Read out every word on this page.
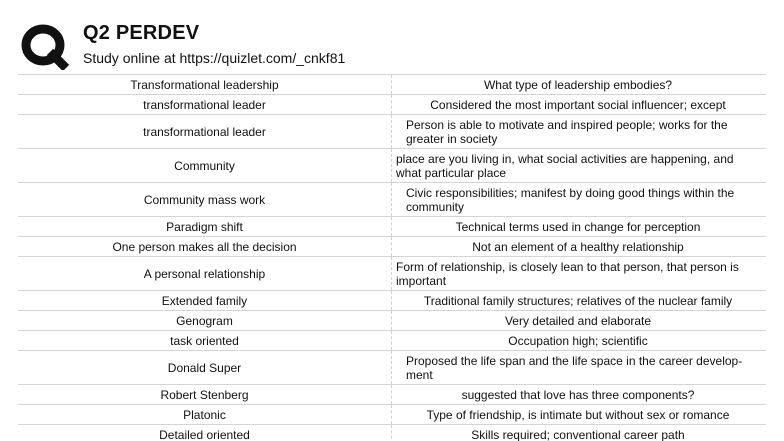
Q2 PERDEV
Study online at https://quizlet.com/_cnkf81
Transformational leadership	What type of leadership embodies?
transformational leader	Considered the most important social influencer; except
transformational leader	Person is able to motivate and inspired people; works for the greater in society
Community	place are you living in, what social activities are happening, and what particular place
Community mass work	Civic responsibilities; manifest by doing good things within the community
Paradigm shift	Technical terms used in change for perception
One person makes all the decision	Not an element of a healthy relationship
A personal relationship	Form of relationship, is closely lean to that person, that person is important
Extended family	Traditional family structures; relatives of the nuclear family
Genogram	Very detailed and elaborate
task oriented	Occupation high; scientific
Donald Super	Proposed the life span and the life space in the career develop- ment
Robert Stenberg	suggested that love has three components?
Platonic	Type of friendship, is intimate but without sex or romance
Detailed oriented	Skills required; conventional career path
